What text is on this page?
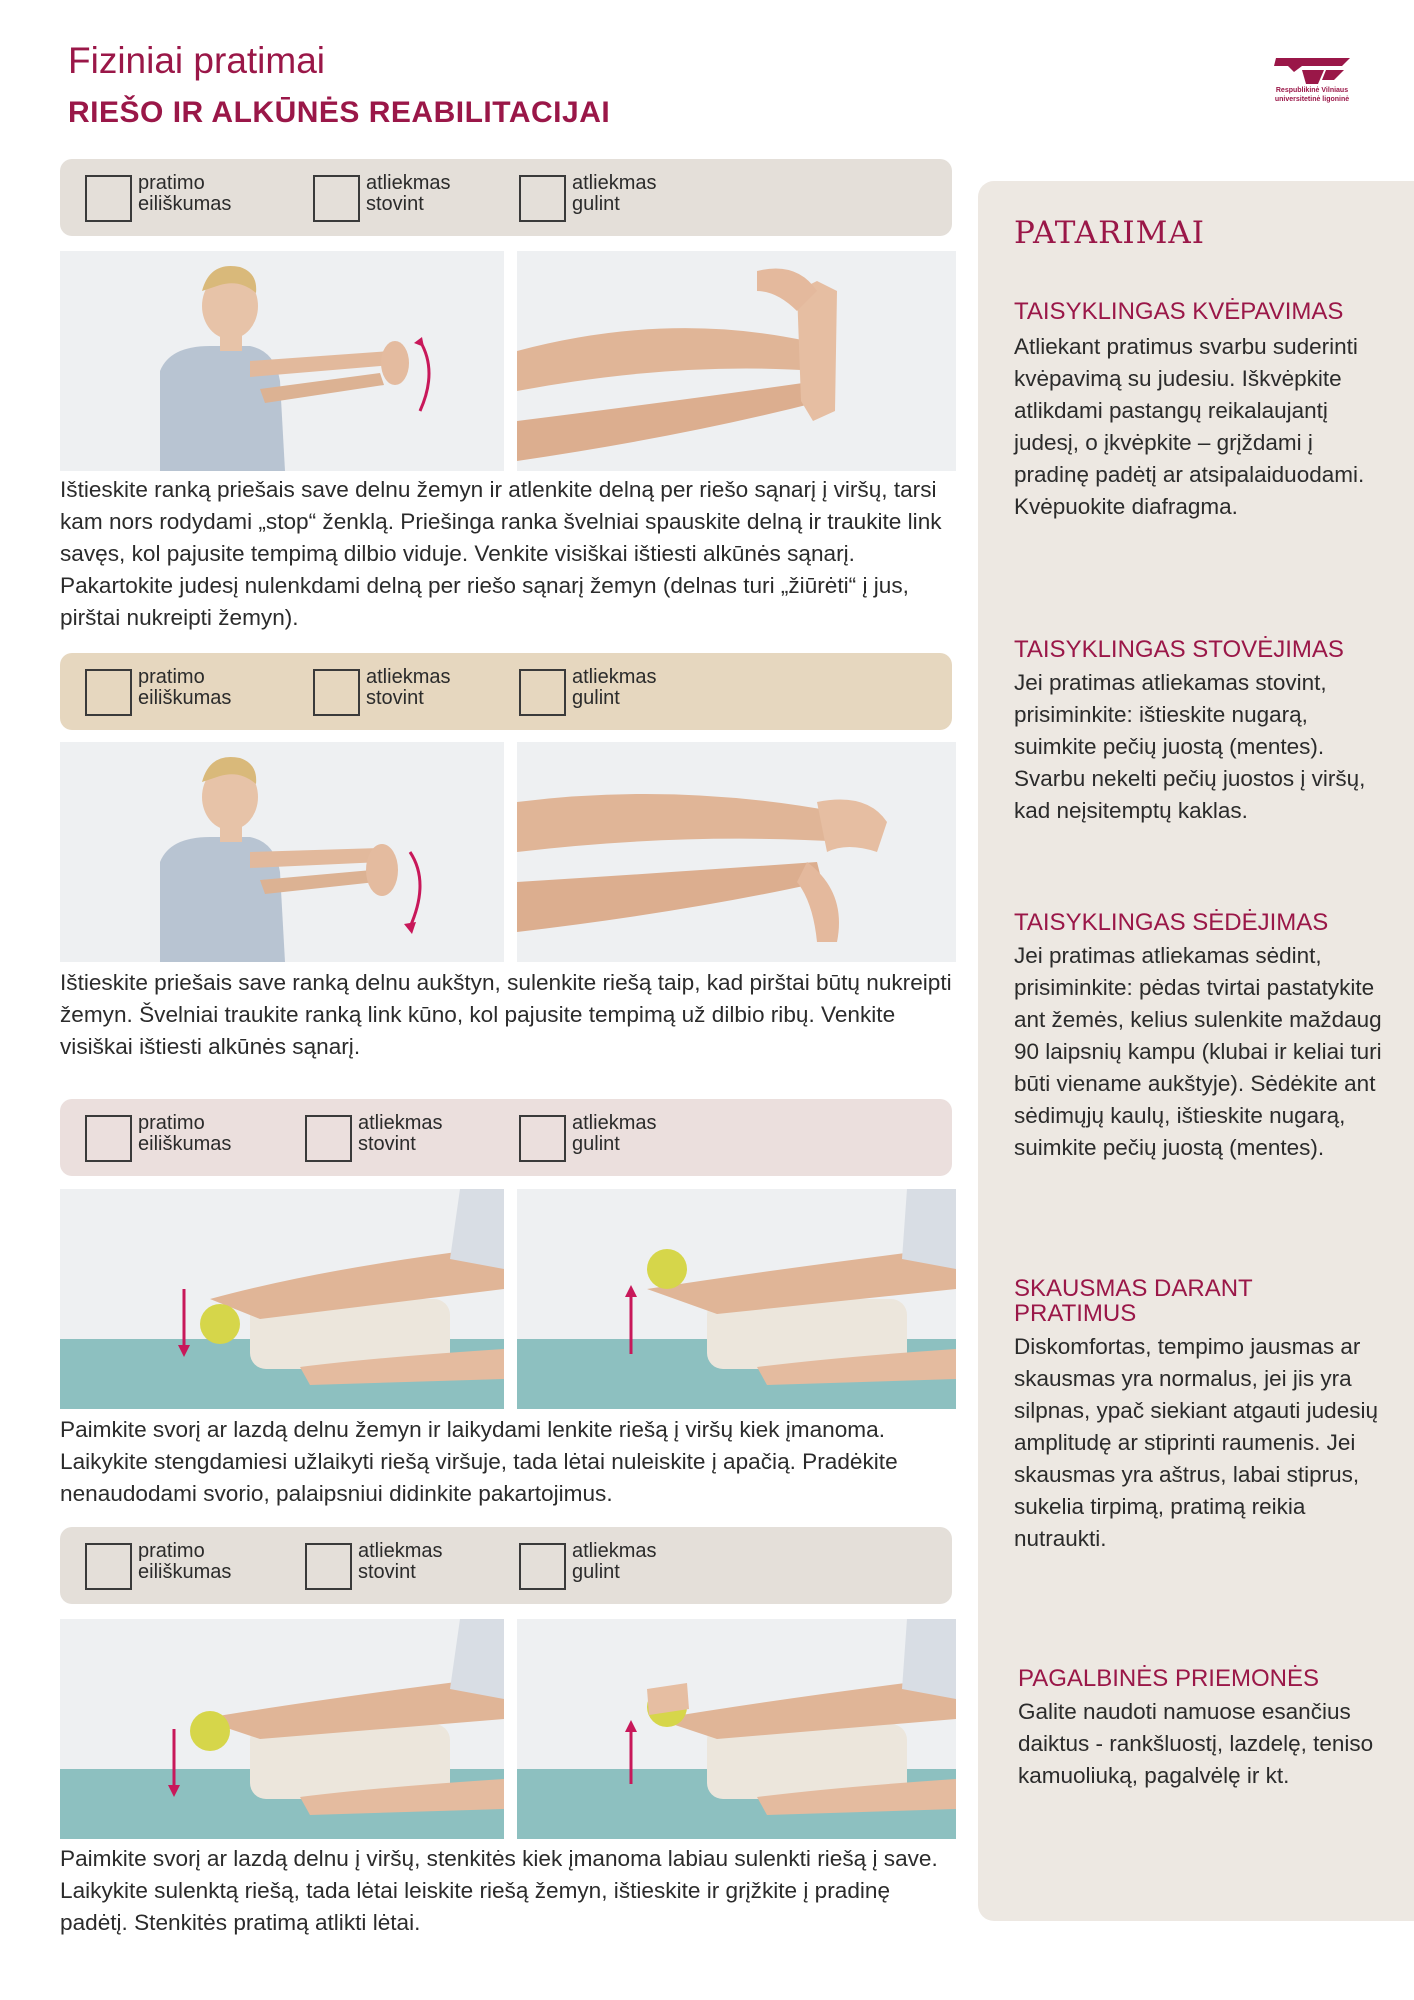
Fiziniai pratimai
RIEŠO IR ALKŪNĖS REABILITACIJAI
Respublikinė Vilniaus
universitetinė ligoninė
pratimo
eiliškumas
atliekmas
stovint
atliekmas
gulint
Ištieskite ranką priešais save delnu žemyn ir atlenkite delną per riešo sąnarį į viršų, tarsi kam nors rodydami „stop“ ženklą. Priešinga ranka švelniai spauskite delną ir traukite link savęs, kol pajusite tempimą dilbio viduje. Venkite visiškai ištiesti alkūnės sąnarį. Pakartokite judesį nulenkdami delną per riešo sąnarį žemyn (delnas turi „žiūrėti“ į jus, pirštai nukreipti žemyn).
pratimo
eiliškumas
atliekmas
stovint
atliekmas
gulint
Ištieskite priešais save ranką delnu aukštyn, sulenkite riešą taip, kad pirštai būtų nukreipti žemyn. Švelniai traukite ranką link kūno, kol pajusite tempimą už dilbio ribų. Venkite visiškai ištiesti alkūnės sąnarį.
pratimo
eiliškumas
atliekmas
stovint
atliekmas
gulint
Paimkite svorį ar lazdą delnu žemyn ir laikydami lenkite riešą į viršų kiek įmanoma. Laikykite stengdamiesi užlaikyti riešą viršuje, tada lėtai nuleiskite į apačią. Pradėkite nenaudodami svorio, palaipsniui didinkite pakartojimus.
pratimo
eiliškumas
atliekmas
stovint
atliekmas
gulint
Paimkite svorį ar lazdą delnu į viršų, stenkitės kiek įmanoma labiau sulenkti riešą į save. Laikykite sulenktą riešą, tada lėtai leiskite riešą žemyn, ištieskite ir grįžkite į pradinę padėtį. Stenkitės pratimą atlikti lėtai.
PATARIMAI
TAISYKLINGAS KVĖPAVIMAS
Atliekant pratimus svarbu suderinti kvėpavimą su judesiu. Iškvėpkite atlikdami pastangų reikalaujantį judesį, o įkvėpkite – grįždami į pradinę padėtį ar atsipalaiduodami. Kvėpuokite diafragma.
TAISYKLINGAS STOVĖJIMAS
Jei pratimas atliekamas stovint, prisiminkite: ištieskite nugarą, suimkite pečių juostą (mentes). Svarbu nekelti pečių juostos į viršų, kad neįsitemptų kaklas.
TAISYKLINGAS SĖDĖJIMAS
Jei pratimas atliekamas sėdint, prisiminkite: pėdas tvirtai pastatykite ant žemės, kelius sulenkite maždaug 90 laipsnių kampu (klubai ir keliai turi būti viename aukštyje). Sėdėkite ant sėdimųjų kaulų, ištieskite nugarą, suimkite pečių juostą (mentes).
SKAUSMAS DARANT PRATIMUS
Diskomfortas, tempimo jausmas ar skausmas yra normalus, jei jis yra silpnas, ypač siekiant atgauti judesių amplitudę ar stiprinti raumenis. Jei skausmas yra aštrus, labai stiprus, sukelia tirpimą, pratimą reikia nutraukti.
PAGALBINĖS PRIEMONĖS
Galite naudoti namuose esančius daiktus - rankšluostį, lazdelę, teniso kamuoliuką, pagalvėlę ir kt.
